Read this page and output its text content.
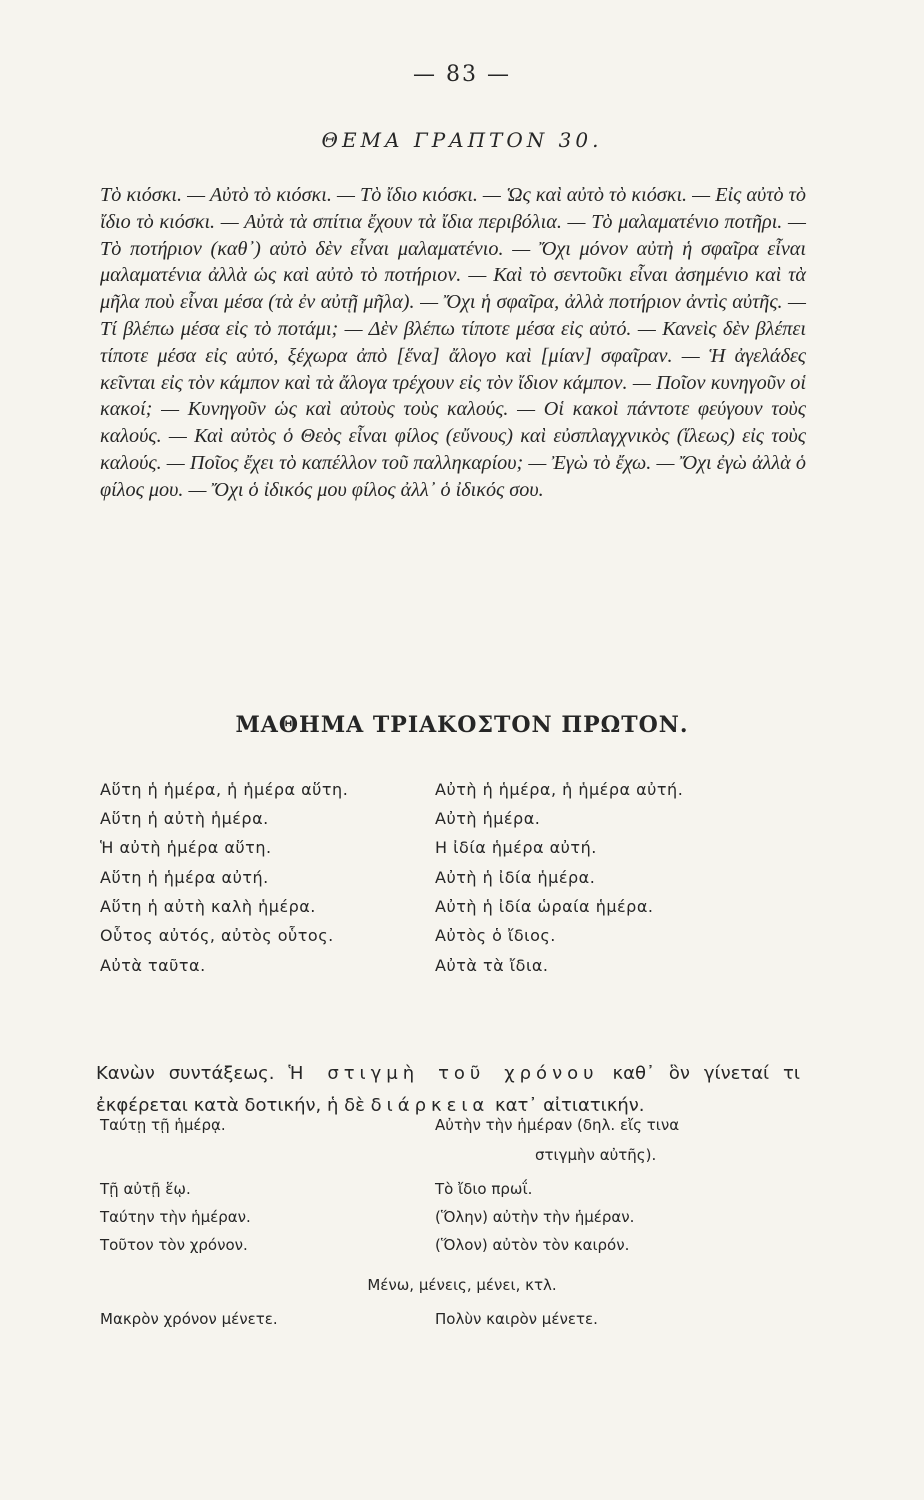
— 83 —
ΘΕΜΑ ΓΡΑΠΤΟΝ 30.

Τὸ κιόσκι. — Αὐτὸ τὸ κιόσκι. — Τὸ ἴδιο κιόσκι. — Ὡς καὶ αὐτὸ τὸ κιόσκι. — Εἰς αὐτὸ τὸ ἴδιο τὸ κιόσκι. — Αὐτὰ τὰ σπίτια ἔχουν τὰ ἴδια περιβόλια. — Τὸ μαλαματένιο ποτῆρι. — Τὸ ποτήριον (καθ᾽) αὐτὸ δὲν εἶναι μαλαματένιο. — Ὄχι μόνον αὐτὴ ἡ σφαῖρα εἶναι μαλαματένια ἀλλὰ ὡς καὶ αὐτὸ τὸ ποτήριον. — Καὶ τὸ σεντοῦκι εἶναι ἀσημένιο καὶ τὰ μῆλα ποὺ εἶναι μέσα (τὰ ἐν αὐτῇ μῆλα). — Ὄχι ἡ σφαῖρα, ἀλλὰ ποτήριον ἀντὶς αὐτῆς. — Τί βλέπω μέσα εἰς τὸ ποτάμι; — Δὲν βλέπω τίποτε μέσα εἰς αὐτό. — Κανεὶς δὲν βλέπει τίποτε μέσα εἰς αὐτό, ξέχωρα ἀπὸ [ἕνα] ἄλογο καὶ [μίαν] σφαῖραν. — Ἡ ἀγελάδες κεῖνται εἰς τὸν κάμπον καὶ τὰ ἄλογα τρέχουν εἰς τὸν ἴδιον κάμπον. — Ποῖον κυνηγοῦν οἱ κακοί; — Κυνηγοῦν ὡς καὶ αὐτοὺς τοὺς καλούς. — Οἱ κακοὶ πάντοτε φεύγουν τοὺς καλούς. — Καὶ αὐτὸς ὁ Θεὸς εἶναι φίλος (εὔνους) καὶ εὐσπλαγχνικὸς (ἵλεως) εἰς τοὺς καλούς. — Ποῖος ἔχει τὸ καπέλλον τοῦ παλληκαρίου; — Ἐγὼ τὸ ἔχω. — Ὄχι ἐγὼ ἀλλὰ ὁ φίλος μου. — Ὄχι ὁ ἰδικός μου φίλος ἀλλ᾽ ὁ ἰδικός σου.

ΜΑΘΗΜΑ ΤΡΙΑΚΟΣΤΟΝ ΠΡΩΤΟΝ.
Αὕτη ἡ ἡμέρα, ἡ ἡμέρα αὕτη.
Αὕτη ἡ αὐτὴ ἡμέρα.
Ἡ αὐτὴ ἡμέρα αὕτη.
Αὕτη ἡ ἡμέρα αὐτή.
Αὕτη ἡ αὐτὴ καλὴ ἡμέρα.
Οὗτος αὐτός, αὐτὸς οὗτος.
Αὐτὰ ταῦτα.
Αὐτὴ ἡ ἡμέρα, ἡ ἡμέρα αὐτή.
Αὐτὴ ἡμέρα.
Η ἰδία ἡμέρα αὐτή.
Αὐτὴ ἡ ἰδία ἡμέρα.
Αὐτὴ ἡ ἰδία ὡραία ἡμέρα.
Αὐτὸς ὁ ἴδιος.
Αὐτὰ τὰ ἴδια.

Κανὼν συντάξεως. Ἡ στιγμὴ τοῦ χρόνου καθ᾽ ὃν γίνεταί τι ἐκφέρεται κατὰ δοτικήν, ἡ δὲ διάρκεια κατ᾽ αἰτιατικήν.

Ταύτῃ τῇ ἡμέρᾳ.
Τῇ αὐτῇ ἕῳ.
Ταύτην τὴν ἡμέραν.
Τοῦτον τὸν χρόνον.
Αὐτὴν τὴν ἡμέραν (δηλ. εἴς τινα
στιγμὴν αὐτῆς).
Τὸ ἴδιο πρωΐ.
(Ὅλην) αὐτὴν τὴν ἡμέραν.
(Ὅλον) αὐτὸν τὸν καιρόν.
Μένω, μένεις, μένει, κτλ.
Μακρὸν χρόνον μένετε.	Πολὺν καιρὸν μένετε.
